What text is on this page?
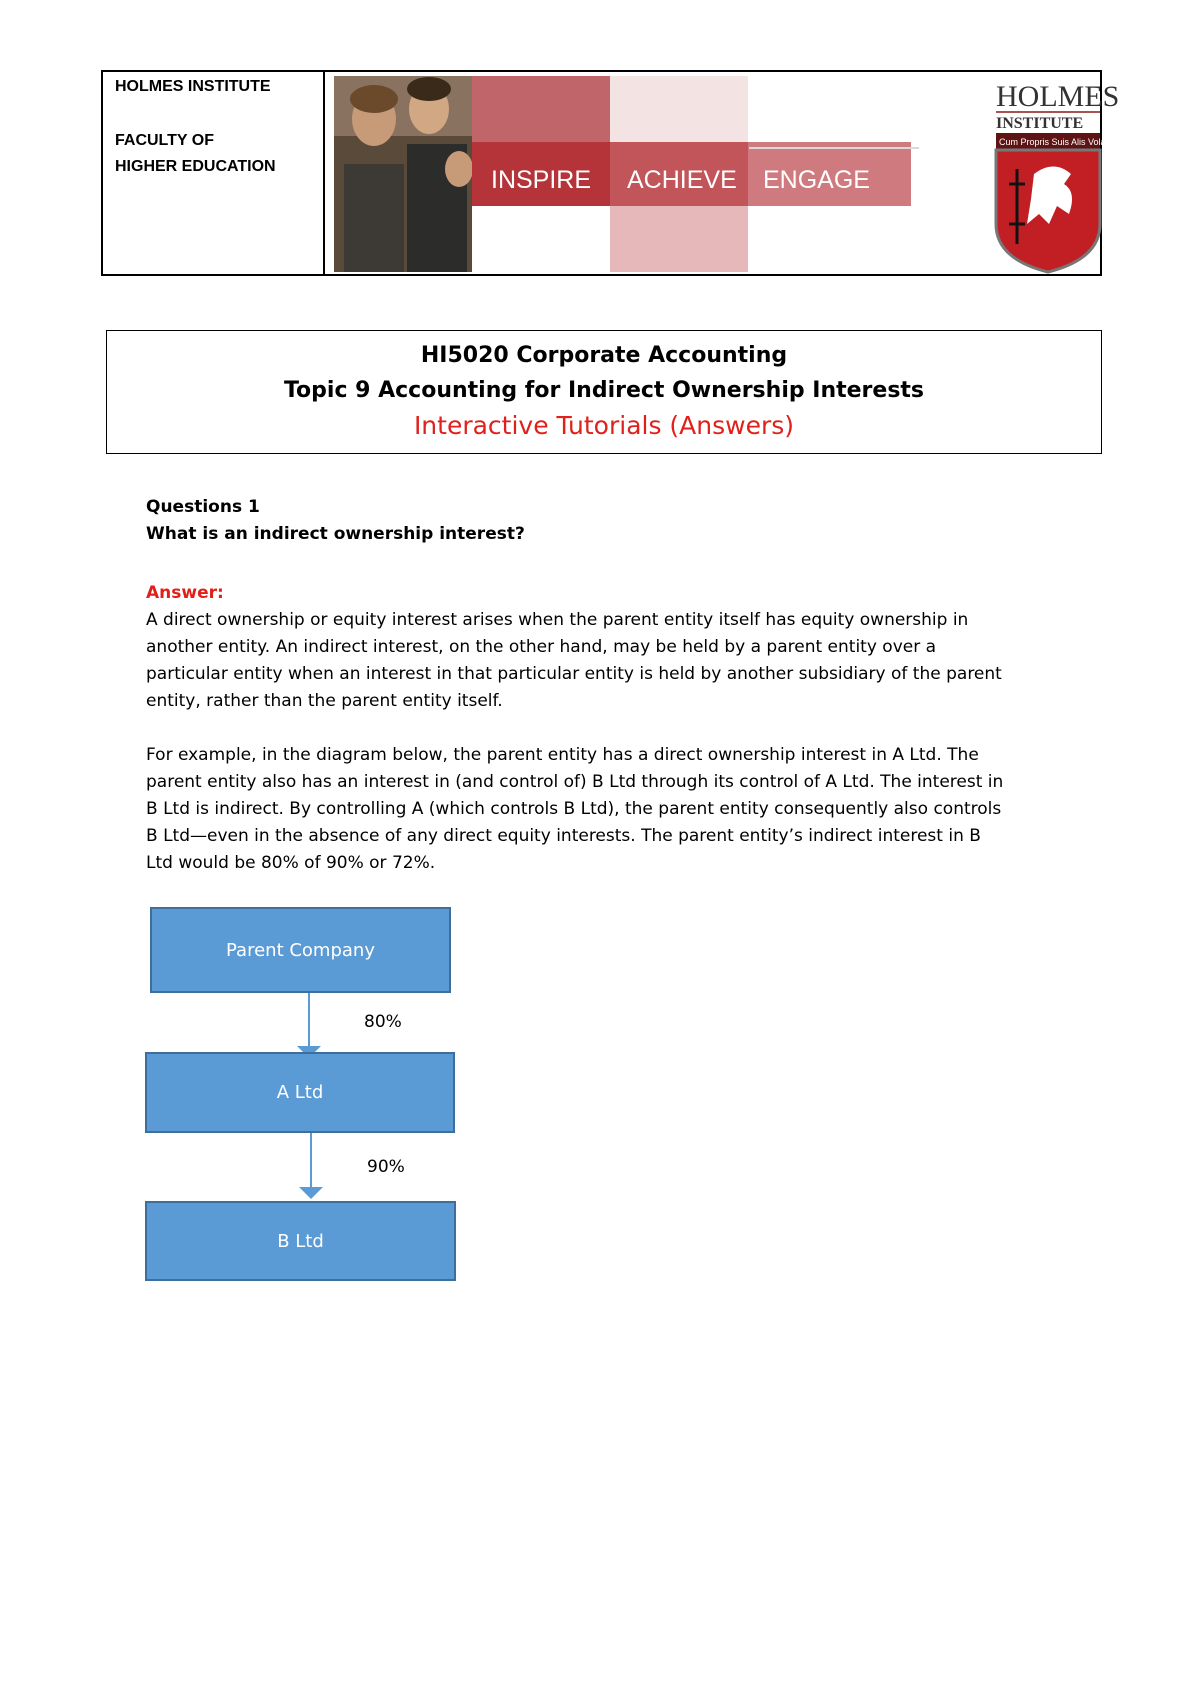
HOLMES INSTITUTE
FACULTY OF
HIGHER EDUCATION	INSPIRE ACHIEVE ENGAGE
HOLMES
INSTITUTE
Cum Propris Suis Alis Volat
HI5020 Corporate Accounting
Topic 9 Accounting for Indirect Ownership Interests
Interactive Tutorials (Answers)
Questions 1
What is an indirect ownership interest?
Answer:
A direct ownership or equity interest arises when the parent entity itself has equity ownership in
another entity. An indirect interest, on the other hand, may be held by a parent entity over a
particular entity when an interest in that particular entity is held by another subsidiary of the parent
entity, rather than the parent entity itself.
For example, in the diagram below, the parent entity has a direct ownership interest in A Ltd. The
parent entity also has an interest in (and control of) B Ltd through its control of A Ltd. The interest in
B Ltd is indirect. By controlling A (which controls B Ltd), the parent entity consequently also controls
B Ltd—even in the absence of any direct equity interests. The parent entity’s indirect interest in B
Ltd would be 80% of 90% or 72%.
Parent Company
80%
A Ltd
90%
B Ltd
